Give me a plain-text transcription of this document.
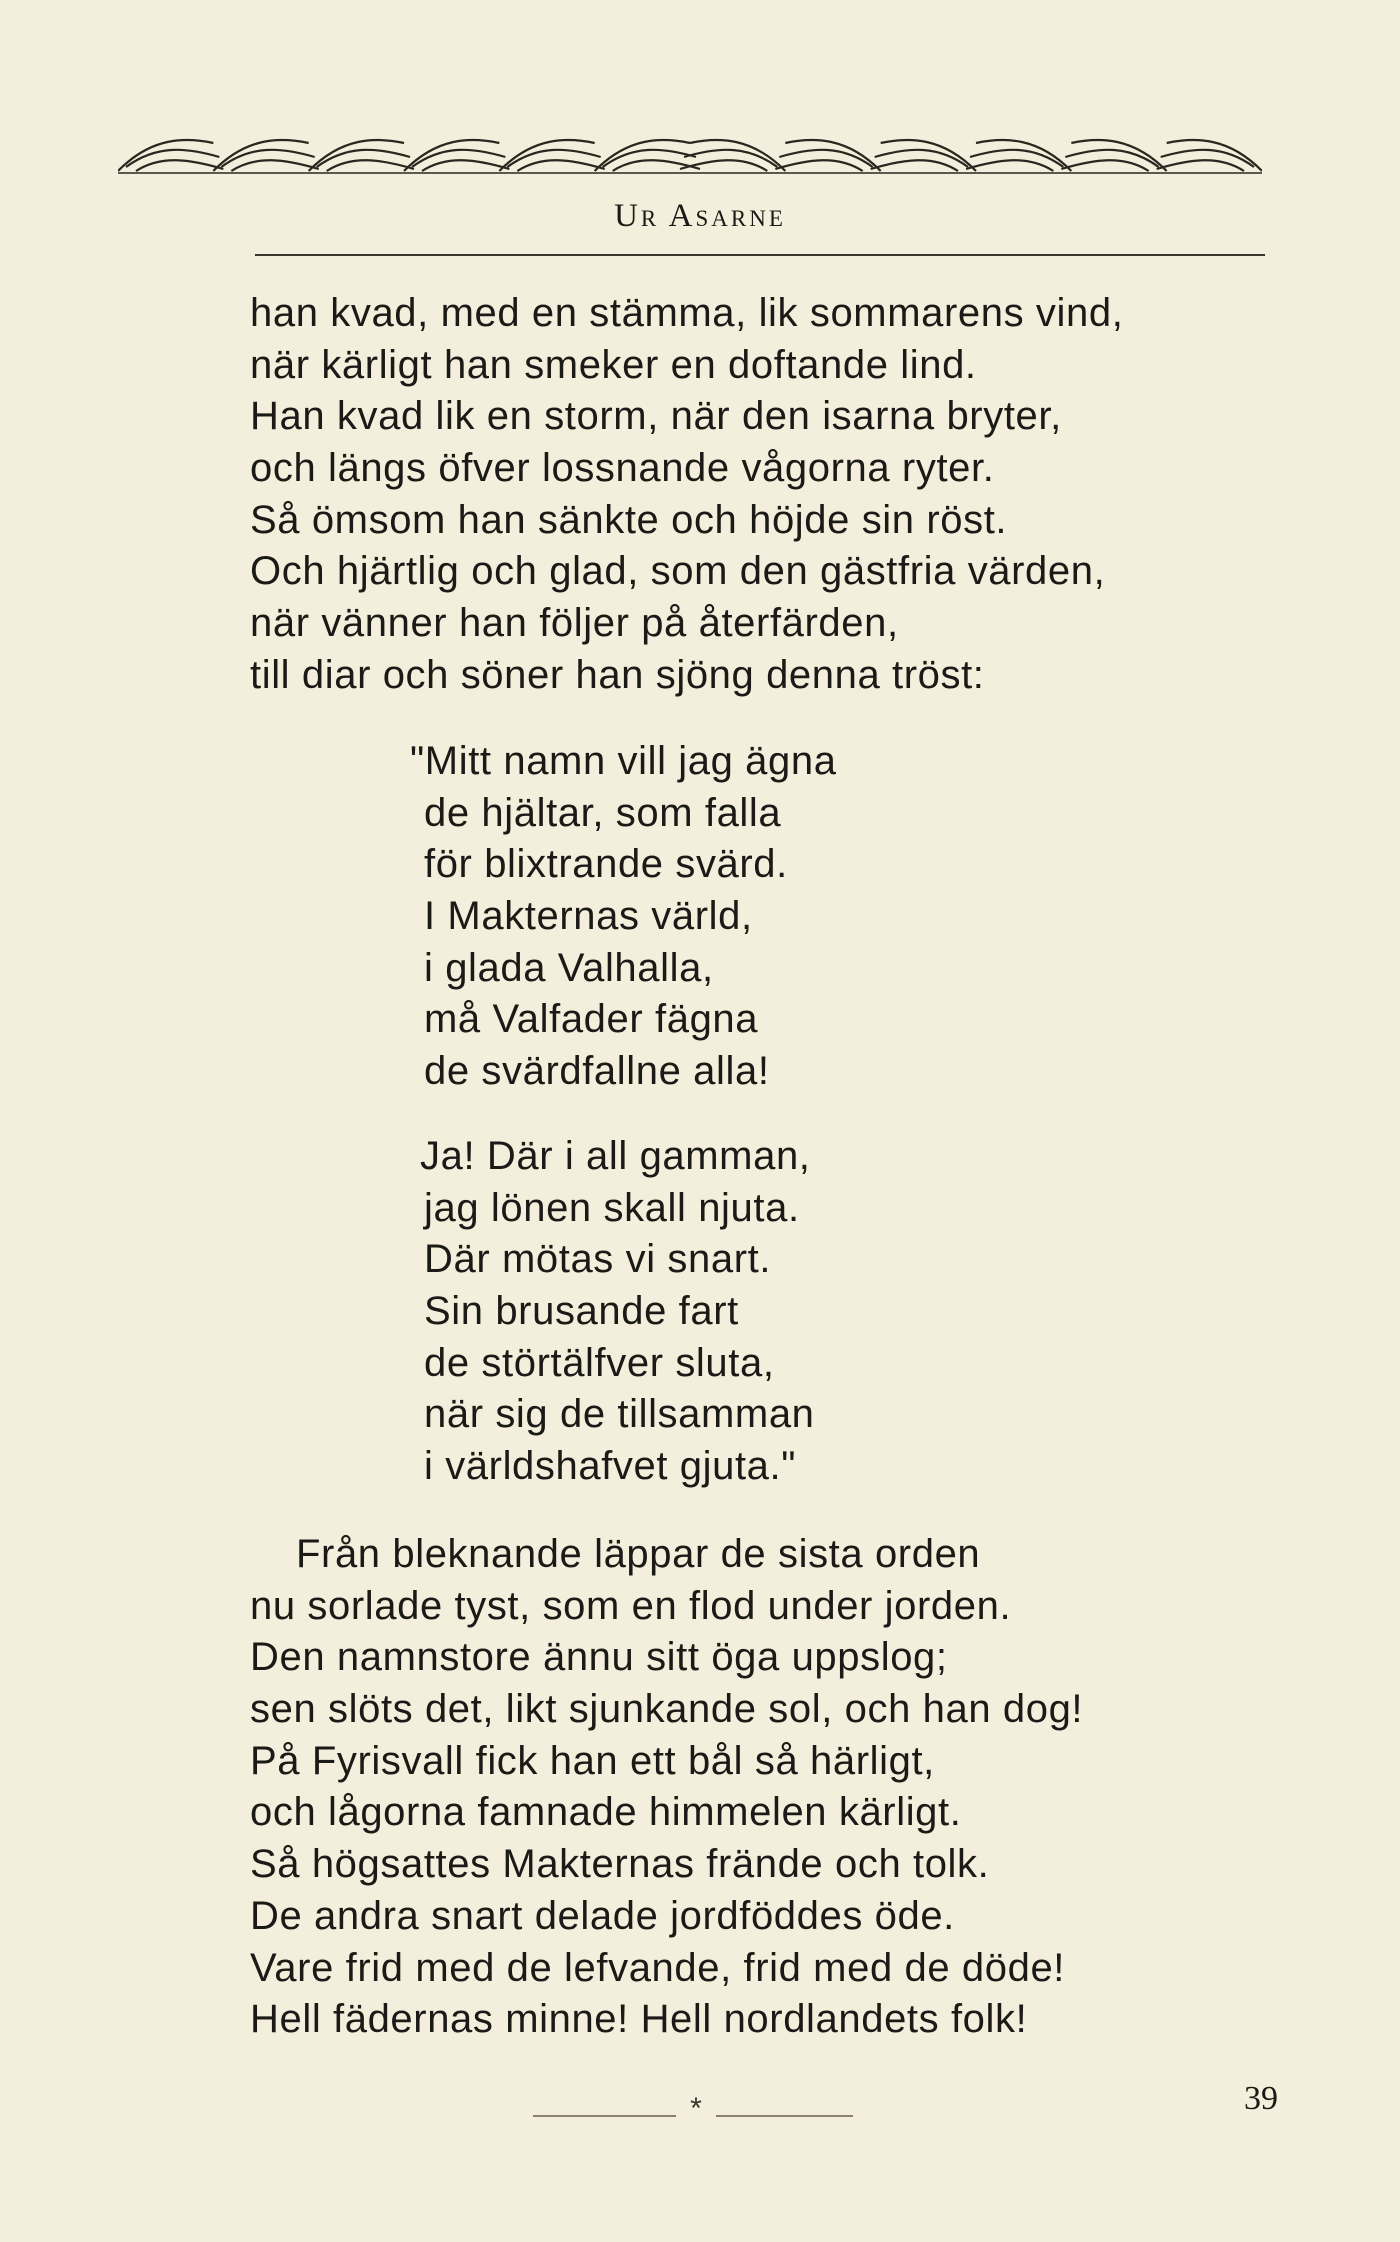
Ur Asarne
han kvad, med en stämma, lik sommarens vind,
när kärligt han smeker en doftande lind.
Han kvad lik en storm, när den isarna bryter,
och längs öfver lossnande vågorna ryter.
Så ömsom han sänkte och höjde sin röst.
Och hjärtlig och glad, som den gästfria värden,
när vänner han följer på återfärden,
till diar och söner han sjöng denna tröst:
"Mitt namn vill jag ägna
de hjältar, som falla
för blixtrande svärd.
I Makternas värld,
i glada Valhalla,
må Valfader fägna
de svärdfallne alla!
Ja! Där i all gamman,
jag lönen skall njuta.
Där mötas vi snart.
Sin brusande fart
de störtälfver sluta,
när sig de tillsamman
i världshafvet gjuta."
Från bleknande läppar de sista orden
nu sorlade tyst, som en flod under jorden.
Den namnstore ännu sitt öga uppslog;
sen slöts det, likt sjunkande sol, och han dog!
På Fyrisvall fick han ett bål så härligt,
och lågorna famnade himmelen kärligt.
Så högsattes Makternas frände och tolk.
De andra snart delade jordföddes öde.
Vare frid med de lefvande, frid med de döde!
Hell fädernas minne! Hell nordlandets folk!
*	39
